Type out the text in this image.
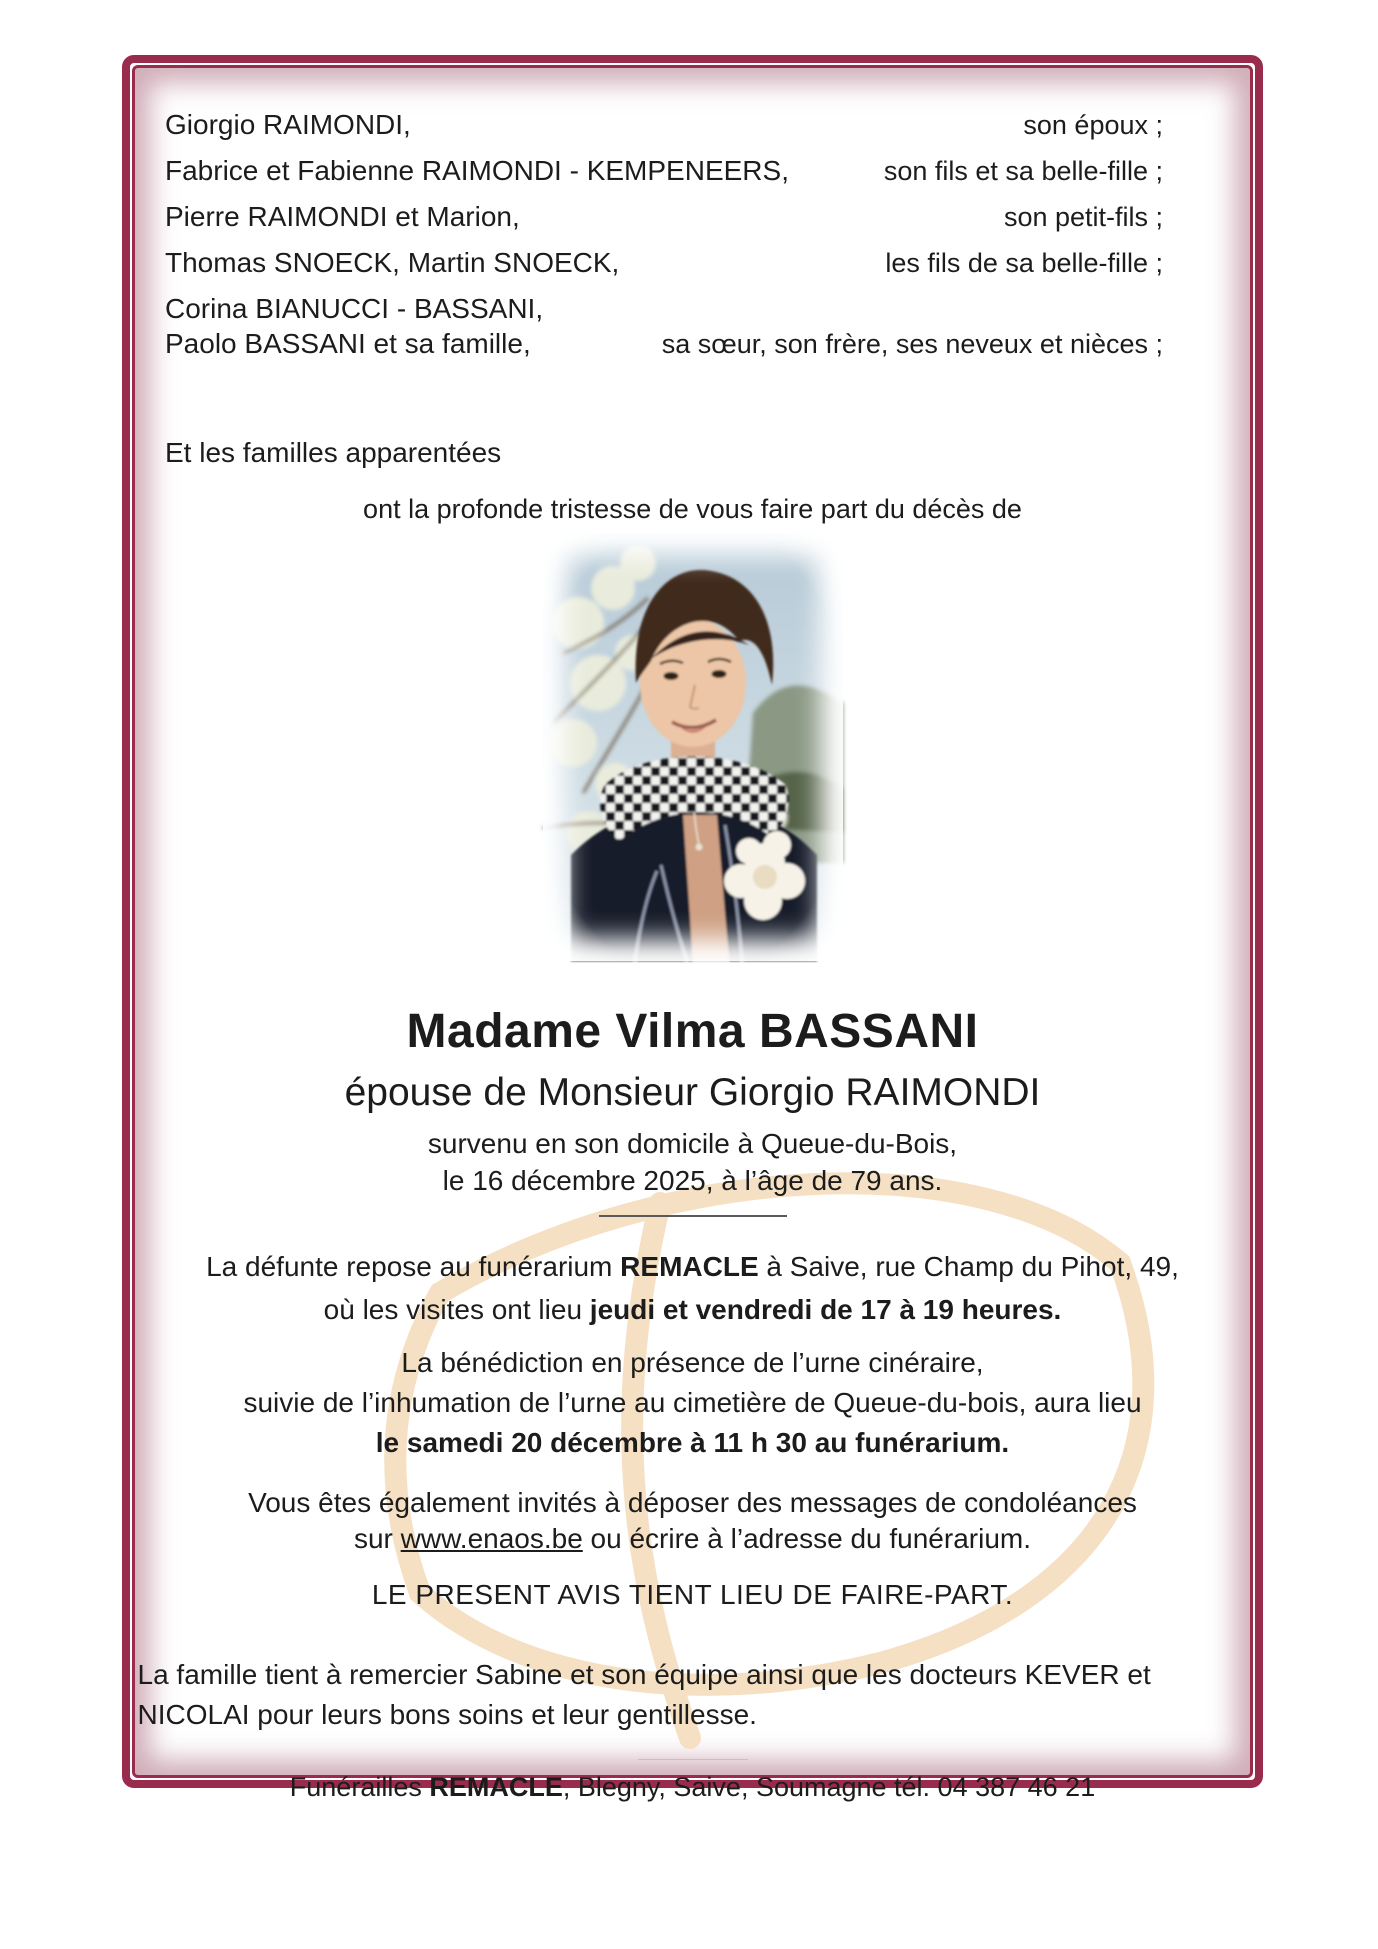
Giorgio RAIMONDI,	son époux ;
Fabrice et Fabienne RAIMONDI - KEMPENEERS,	son fils et sa belle-fille ;
Pierre RAIMONDI et Marion,	son petit-fils ;
Thomas SNOECK, Martin SNOECK,	les fils de sa belle-fille ;
Corina BIANUCCI - BASSANI,
Paolo BASSANI et sa famille,	sa sœur, son frère, ses neveux et nièces ;
Et les familles apparentées
ont la profonde tristesse de vous faire part du décès de
Madame Vilma BASSANI
épouse de Monsieur Giorgio RAIMONDI
survenu en son domicile à Queue-du-Bois,
le 16 décembre 2025, à l’âge de 79 ans.
La défunte repose au funérarium REMACLE à Saive, rue Champ du Pihot, 49,
où les visites ont lieu jeudi et vendredi de 17 à 19 heures.
La bénédiction en présence de l’urne cinéraire,
suivie de l’inhumation de l’urne au cimetière de Queue-du-bois, aura lieu
le samedi 20 décembre à 11 h 30 au funérarium.
Vous êtes également invités à déposer des messages de condoléances
sur www.enaos.be ou écrire à l’adresse du funérarium.
LE PRESENT AVIS TIENT LIEU DE FAIRE-PART.
La famille tient à remercier Sabine et son équipe ainsi que les docteurs KEVER et NICOLAI pour leurs bons soins et leur gentillesse.
Funérailles REMACLE, Blegny, Saive, Soumagne tél. 04 387 46 21
